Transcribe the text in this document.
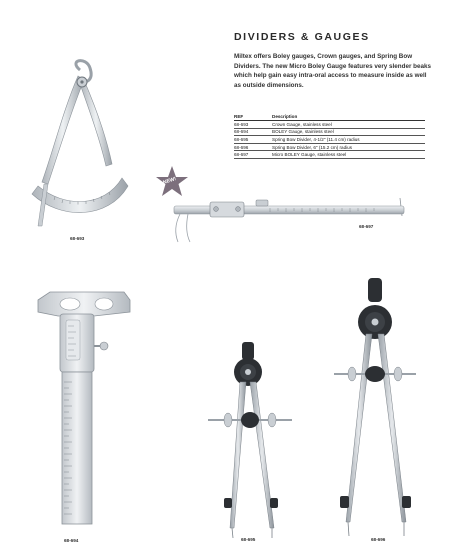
DIVIDERS & GAUGES
Miltex offers Boley gauges, Crown gauges, and Spring Bow Dividers. The new Micro Boley Gauge features very slender beaks which help gain easy intra-oral access to measure inside as well as outside dimensions.
REF	Description
68-693	Crown Gauge, stainless steel
68-694	BOLEY Gauge, stainless steel
68-695	Spring Bow Divider, 4-1/2" (11.4 cm) radius
68-696	Spring Bow Divider, 6" (15.2 cm) radius
68-697	Micro BOLEY Gauge, stainless steel
68-693
NEW!
68-697
68-694	68-695	68-696
